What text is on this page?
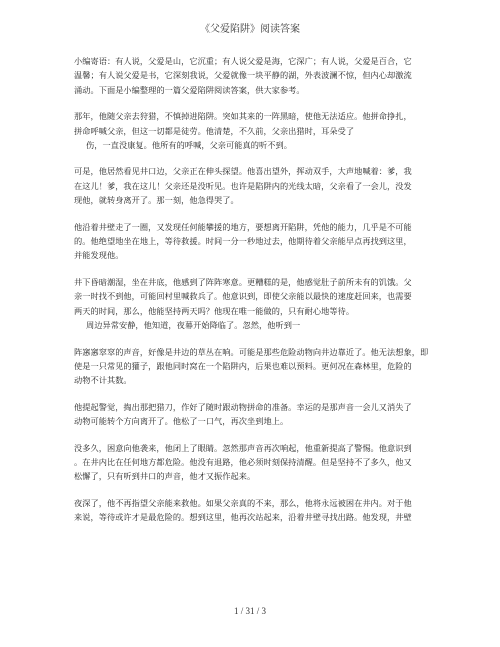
《父爱陷阱》阅读答案
小编寄语：有人说，父爱是山，它沉重；有人说父爱是海，它深广；有人说，父爱是百合，它
温馨；有人说父爱是书，它深刻我说，父爱就像一块平静的湖，外表波澜不惊，但内心却激流
涌动。下面是小编整理的一篇父爱陷阱阅读答案，供大家参考。
那年，他随父亲去狩猎，不慎掉进陷阱。突如其来的一阵黑暗，使他无法适应。他拼命挣扎，
拼命呼喊父亲，但这一切都是徒劳。他清楚，不久前，父亲出猎时，耳朵受了
伤，一直没康复。他所有的呼喊，父亲可能真的听不到。
可是，他居然看见井口边，父亲正在伸头探望。他喜出望外，挥动双手，大声地喊着：爹，我
在这儿！爹，我在这儿！父亲还是没听见。也许是陷阱内的光线太暗，父亲看了一会儿，没发
现他，就转身离开了。那一刻，他急得哭了。
他沿着井壁走了一圈，又发现任何能攀援的地方，要想离开陷阱，凭他的能力，几乎是不可能
的。他绝望地坐在地上，等待救援。时间一分一秒地过去，他期待着父亲能早点再找到这里，
并能发现他。
井下昏暗潮湿，坐在井底，他感到了阵阵寒意。更糟糕的是，他感觉肚子前所未有的饥饿。父
亲一时找不到他，可能回村里喊救兵了。他意识到，即使父亲能以最快的速度赶回来，也需要
两天的时间，那么，他能坚持两天吗？他现在唯一能做的，只有耐心地等待。
周边异常安静，他知道，夜幕开始降临了。忽然，他听到一
阵窸窸窣窣的声音，好像是井边的草丛在响。可能是那些危险动物向井边靠近了。他无法想象，即
使是一只常见的獾子，跟他同时窝在一个陷阱内，后果也难以预料。更何况在森林里，危险的
动物不计其数。
他提起警觉，掏出那把猎刀，作好了随时跟动物拼命的准备。幸运的是那声音一会儿又消失了
动物可能转个方向离开了。他松了一口气，再次坐到地上。
没多久，困意向他袭来，他闭上了眼睛。忽然那声音再次响起，他重新提高了警惕。他意识到
。在井内比在任何地方都危险。他没有退路，他必须时刻保持清醒。但是坚持不了多久，他又
松懈了，只有听到井口的声音，他才又振作起来。
夜深了，他不再指望父亲能来救他。如果父亲真的不来，那么，他将永远被困在井内。对于他
来说，等待或许才是最危险的。想到这里，他再次站起来，沿着井壁寻找出路。他发现，井壁
1 / 31 / 3
